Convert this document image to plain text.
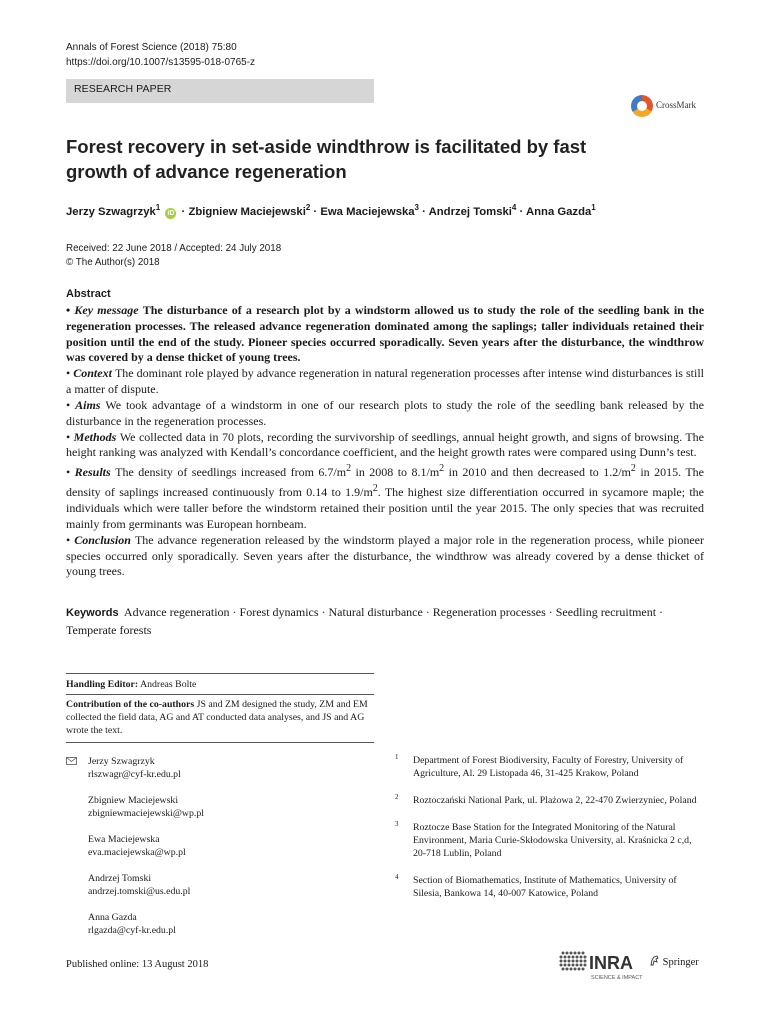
Annals of Forest Science (2018) 75:80
https://doi.org/10.1007/s13595-018-0765-z
RESEARCH PAPER
CrossMark
Forest recovery in set-aside windthrow is facilitated by fast growth of advance regeneration
Jerzy Szwagrzyk$^1$ iD · Zbigniew Maciejewski$^2$ · Ewa Maciejewska$^3$ · Andrzej Tomski$^4$ · Anna Gazda$^1$
Received: 22 June 2018 / Accepted: 24 July 2018
© The Author(s) 2018
Abstract

• Key message The disturbance of a research plot by a windstorm allowed us to study the role of the seedling bank in the regeneration processes. The released advance regeneration dominated among the saplings; taller individuals retained their position until the end of the study. Pioneer species occurred sporadically. Seven years after the disturbance, the windthrow was covered by a dense thicket of young trees.

• Context The dominant role played by advance regeneration in natural regeneration processes after intense wind disturbances is still a matter of dispute.

• Aims We took advantage of a windstorm in one of our research plots to study the role of the seedling bank released by the disturbance in the regeneration processes.

• Methods We collected data in 70 plots, recording the survivorship of seedlings, annual height growth, and signs of browsing. The height ranking was analyzed with Kendall’s concordance coefficient, and the height growth rates were compared using Dunn’s test.

• Results The density of seedlings increased from $6.7/m^2$ in 2008 to $8.1/m^2$ in 2010 and then decreased to $1.2/m^2$ in 2015. The density of saplings increased continuously from 0.14 to $1.9/m^2$. The highest size differentiation occurred in sycamore maple; the individuals which were taller before the windstorm retained their position until the year 2015. The only species that was recruited mainly from germinants was European hornbeam.

• Conclusion The advance regeneration released by the windstorm played a major role in the regeneration process, while pioneer species occurred only sporadically. Seven years after the disturbance, the windthrow was already covered by a dense thicket of young trees.

Keywords Advance regeneration · Forest dynamics · Natural disturbance · Regeneration processes · Seedling recruitment · Temperate forests
Handling Editor: Andreas Bolte
Contribution of the co-authors JS and ZM designed the study, ZM and EM collected the field data, AG and AT conducted data analyses, and JS and AG wrote the text.
Jerzy Szwagrzyk
rlszwagr@cyf-kr.edu.pl
Zbigniew Maciejewski
zbigniewmaciejewski@wp.pl
Ewa Maciejewska
eva.maciejewska@wp.pl
Andrzej Tomski
andrzej.tomski@us.edu.pl
Anna Gazda
rlgazda@cyf-kr.edu.pl
1 Department of Forest Biodiversity, Faculty of Forestry, University of Agriculture, Al. 29 Listopada 46, 31-425 Krakow, Poland
2 Roztoczański National Park, ul. Plażowa 2, 22-470 Zwierzyniec, Poland
3 Roztocze Base Station for the Integrated Monitoring of the Natural Environment, Maria Curie-Skłodowska University, al. Kraśnicka 2 c,d, 20-718 Lublin, Poland
4 Section of Biomathematics, Institute of Mathematics, University of Silesia, Bankowa 14, 40-007 Katowice, Poland
Published online: 13 August 2018	INRA
SCIENCE & IMPACT
Springer
